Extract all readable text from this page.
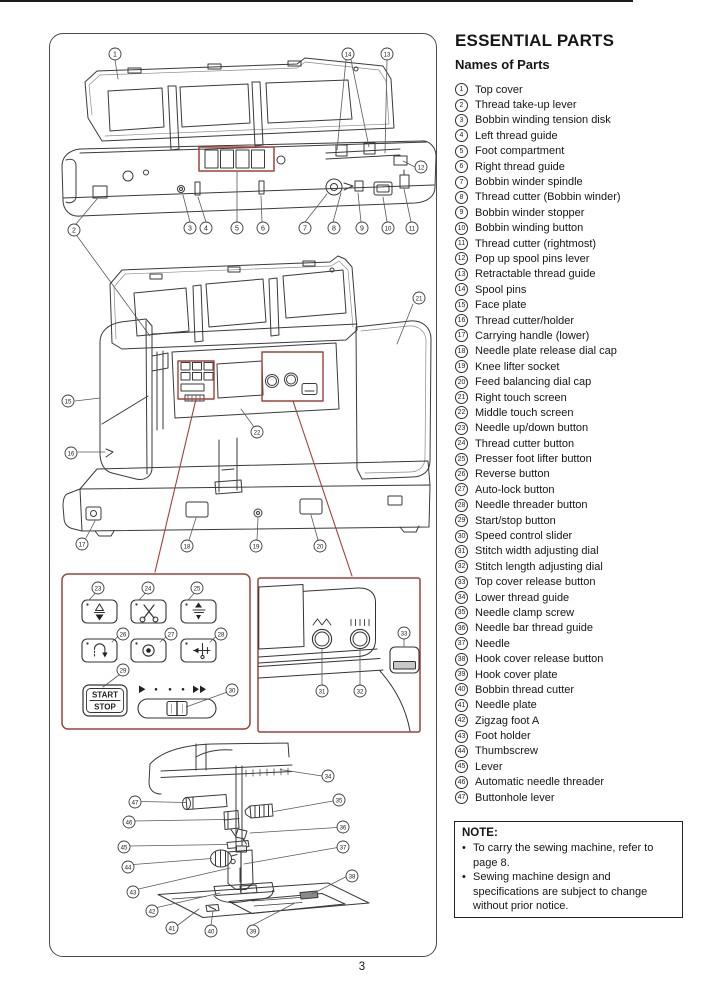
START
STOP
1	14	13
12
2	3 4	5	6	7	8	9	10	11
15
16
17	18	19	20
21
22
23	24	25
26	27	28
29
30	31	32
33
34
35
36
37
38
39
40
41
42
43
44
45
46
47
ESSENTIAL PARTS
Names of Parts
1	Top cover
2	Thread take-up lever
3	Bobbin winding tension disk
4	Left thread guide
5	Foot compartment
6	Right thread guide
7	Bobbin winder spindle
8	Thread cutter (Bobbin winder)
9	Bobbin winder stopper
10 Bobbin winding button
11 Thread cutter (rightmost)
12 Pop up spool pins lever
13 Retractable thread guide
14 Spool pins
15 Face plate
16 Thread cutter/holder
17 Carrying handle (lower)
18 Needle plate release dial cap
19 Knee lifter socket
20 Feed balancing dial cap
21 Right touch screen
22 Middle touch screen
23 Needle up/down button
24 Thread cutter button
25 Presser foot lifter button
26 Reverse button
27 Auto-lock button
28 Needle threader button
29 Start/stop button
30 Speed control slider
31 Stitch width adjusting dial
32 Stitch length adjusting dial
33 Top cover release button
34 Lower thread guide
35 Needle clamp screw
36 Needle bar thread guide
37 Needle
38 Hook cover release button
39 Hook cover plate
40 Bobbin thread cutter
41 Needle plate
42 Zigzag foot A
43 Foot holder
44 Thumbscrew
45 Lever
46 Automatic needle threader
47 Buttonhole lever
NOTE:
• To carry the sewing machine, refer to page 8.
• Sewing machine design and specifications are subject to change without prior notice.
3
